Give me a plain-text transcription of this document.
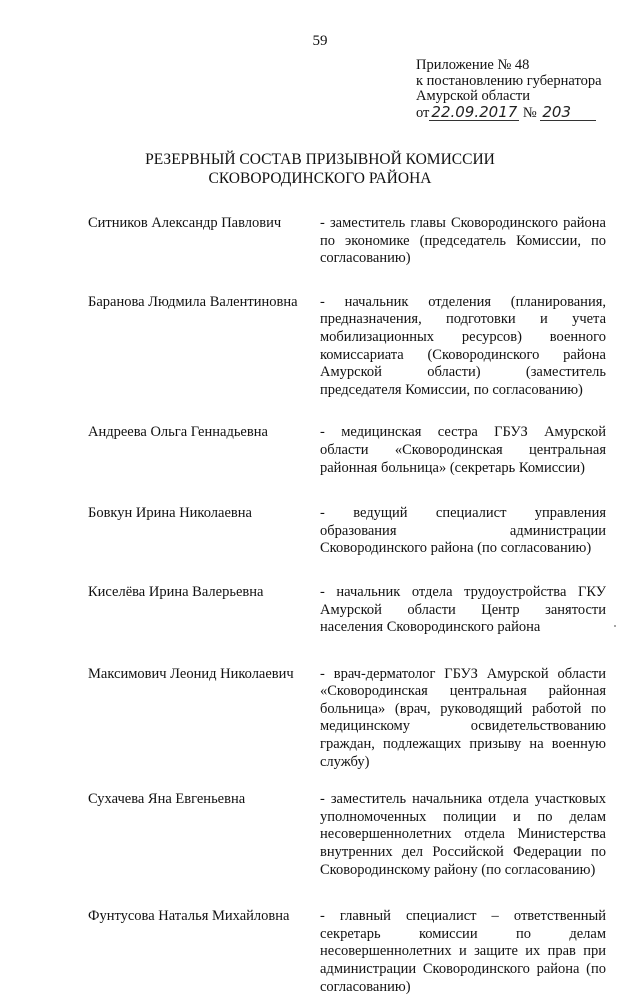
59
Приложение № 48
к постановлению губернатора
Амурской области
от 22.09.2017 № 203
РЕЗЕРВНЫЙ СОСТАВ ПРИЗЫВНОЙ КОМИССИИ
СКОВОРОДИНСКОГО РАЙОНА
Ситников Александр Павлович	- заместитель главы Сковородинского района по экономике (председатель Комиссии, по согласованию)
Баранова Людмила Валентиновна	- начальник отделения (планирования, предназначения, подготовки и учета мобилизационных ресурсов) военного комиссариата (Сковородинского района Амурской области) (заместитель председателя Комиссии, по согласованию)
Андреева Ольга Геннадьевна	- медицинская сестра ГБУЗ Амурской области «Сковородинская центральная районная больница» (секретарь Комиссии)
Бовкун Ирина Николаевна	- ведущий специалист управления образования администрации Сковородинского района (по согласованию)
Киселёва Ирина Валерьевна	- начальник отдела трудоустройства ГКУ Амурской области Центр занятости населения Сковородинского района
Максимович Леонид Николаевич	- врач-дерматолог ГБУЗ Амурской области «Сковородинская центральная районная больница» (врач, руководящий работой по медицинскому освидетельствованию граждан, подлежащих призыву на военную службу)
Сухачева Яна Евгеньевна	- заместитель начальника отдела участковых уполномоченных полиции и по делам несовершеннолетних отдела Министерства внутренних дел Российской Федерации по Сковородинскому району (по согласованию)
Фунтусова Наталья Михайловна	- главный специалист – ответственный секретарь комиссии по делам несовершеннолетних и защите их прав при администрации Сковородинского района (по согласованию)
